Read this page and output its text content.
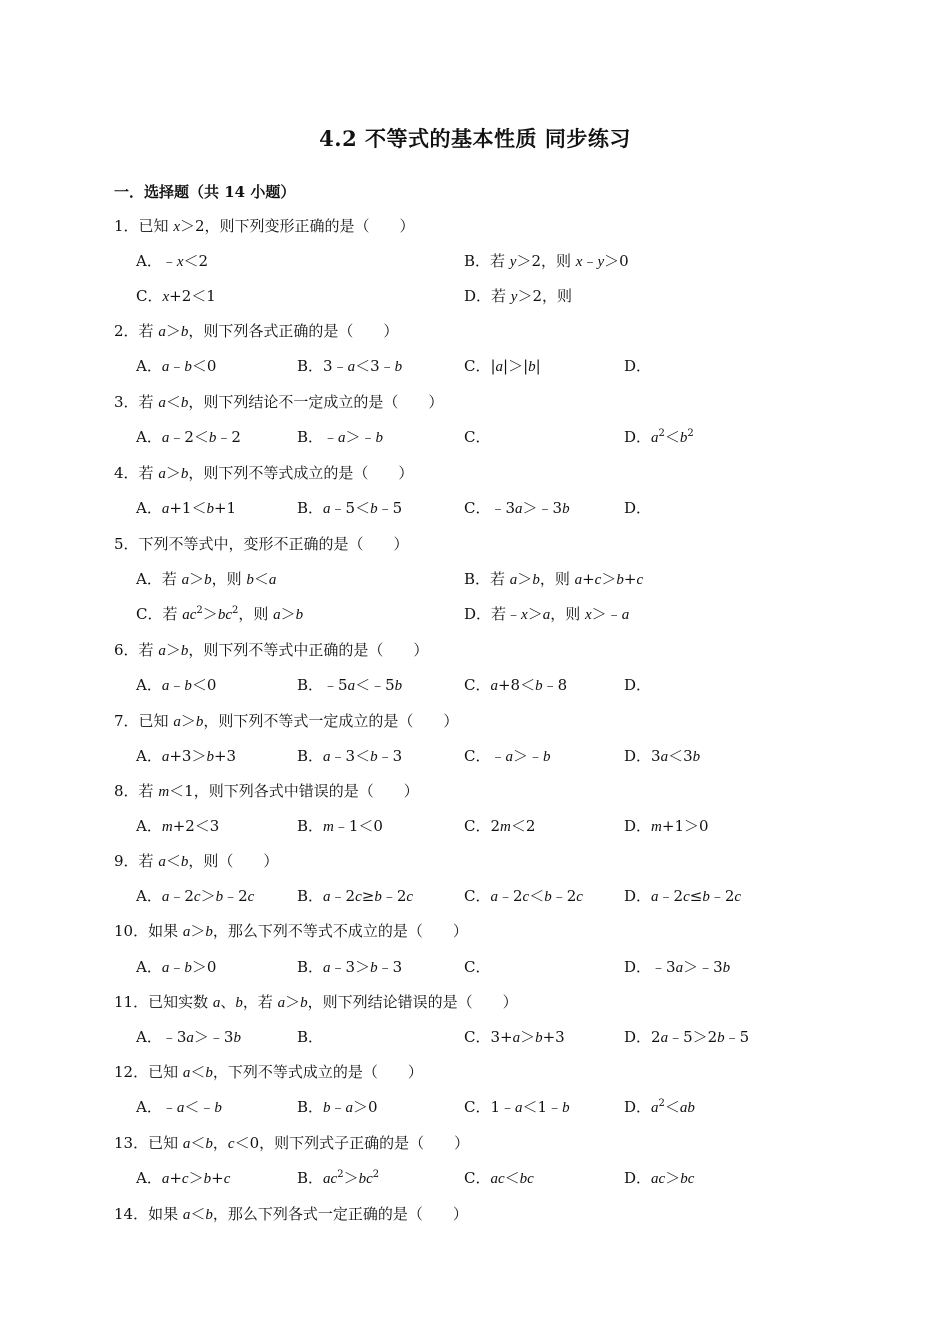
4.2 不等式的基本性质 同步练习
一．选择题（共 14 小题）
1．已知 x＞2，则下列变形正确的是（　　）
A．﹣x＜2	B．若 y＞2，则 x﹣y＞0
C．x+2＜1	D．若 y＞2，则
2．若 a＞b，则下列各式正确的是（　　）
A．a﹣b＜0	B．3﹣a＜3﹣b	C．|a|＞|b|	D．
3．若 a＜b，则下列结论不一定成立的是（　　）
A．a﹣2＜b﹣2	B．﹣a＞﹣b	C．	D．$a^2<b^2$
4．若 a＞b，则下列不等式成立的是（　　）
A．a+1＜b+1	B．a﹣5＜b﹣5	C．﹣3a＞﹣3b	D．
5．下列不等式中，变形不正确的是（　　）
A．若 a＞b，则 b＜a	B．若 a＞b，则 a+c＞b+c
C．若 $ac^2>bc^2$，则 a＞b	D．若﹣x＞a，则 x＞﹣a
6．若 a＞b，则下列不等式中正确的是（　　）
A．a﹣b＜0	B．﹣5a＜﹣5b	C．a+8＜b﹣8	D．
7．已知 a＞b，则下列不等式一定成立的是（　　）
A．a+3＞b+3	B．a﹣3＜b﹣3	C．﹣a＞﹣b	D．3a＜3b
8．若 m＜1，则下列各式中错误的是（　　）
A．m+2＜3	B．m﹣1＜0	C．2m＜2	D．m+1＞0
9．若 a＜b，则（　　）
A．a﹣2c＞b﹣2c	B．a﹣2c≥b﹣2c	C．a﹣2c＜b﹣2c	D．a﹣2c≤b﹣2c
10．如果 a＞b，那么下列不等式不成立的是（　　）
A．a﹣b＞0	B．a﹣3＞b﹣3	C．	D．﹣3a＞﹣3b
11．已知实数 a、b，若 a＞b，则下列结论错误的是（　　）
A．﹣3a＞﹣3b	B．	C．3+a＞b+3	D．2a﹣5＞2b﹣5
12．已知 a＜b，下列不等式成立的是（　　）
A．﹣a＜﹣b	B．b﹣a＞0	C．1﹣a＜1﹣b	D．$a^2<ab$
13．已知 a＜b，c＜0，则下列式子正确的是（　　）
A．a+c＞b+c	B．$ac^2>bc^2$	C．ac＜bc	D．ac＞bc
14．如果 a＜b，那么下列各式一定正确的是（　　）
